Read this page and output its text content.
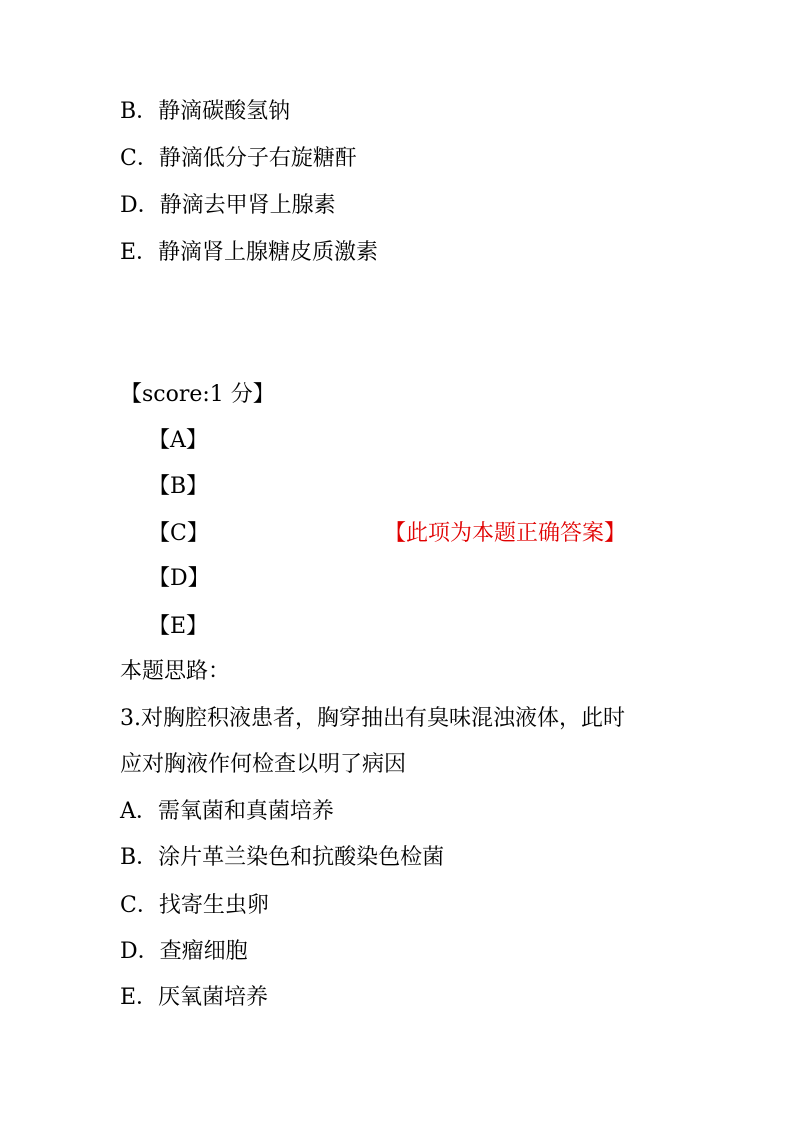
B．静滴碳酸氢钠
C．静滴低分子右旋糖酐
D．静滴去甲肾上腺素
E．静滴肾上腺糖皮质激素
【score:1 分】
【A】
【B】
【C】	【此项为本题正确答案】
【D】
【E】
本题思路：
3.对胸腔积液患者，胸穿抽出有臭味混浊液体，此时
应对胸液作何检查以明了病因
A．需氧菌和真菌培养
B．涂片革兰染色和抗酸染色检菌
C．找寄生虫卵
D．查瘤细胞
E．厌氧菌培养
